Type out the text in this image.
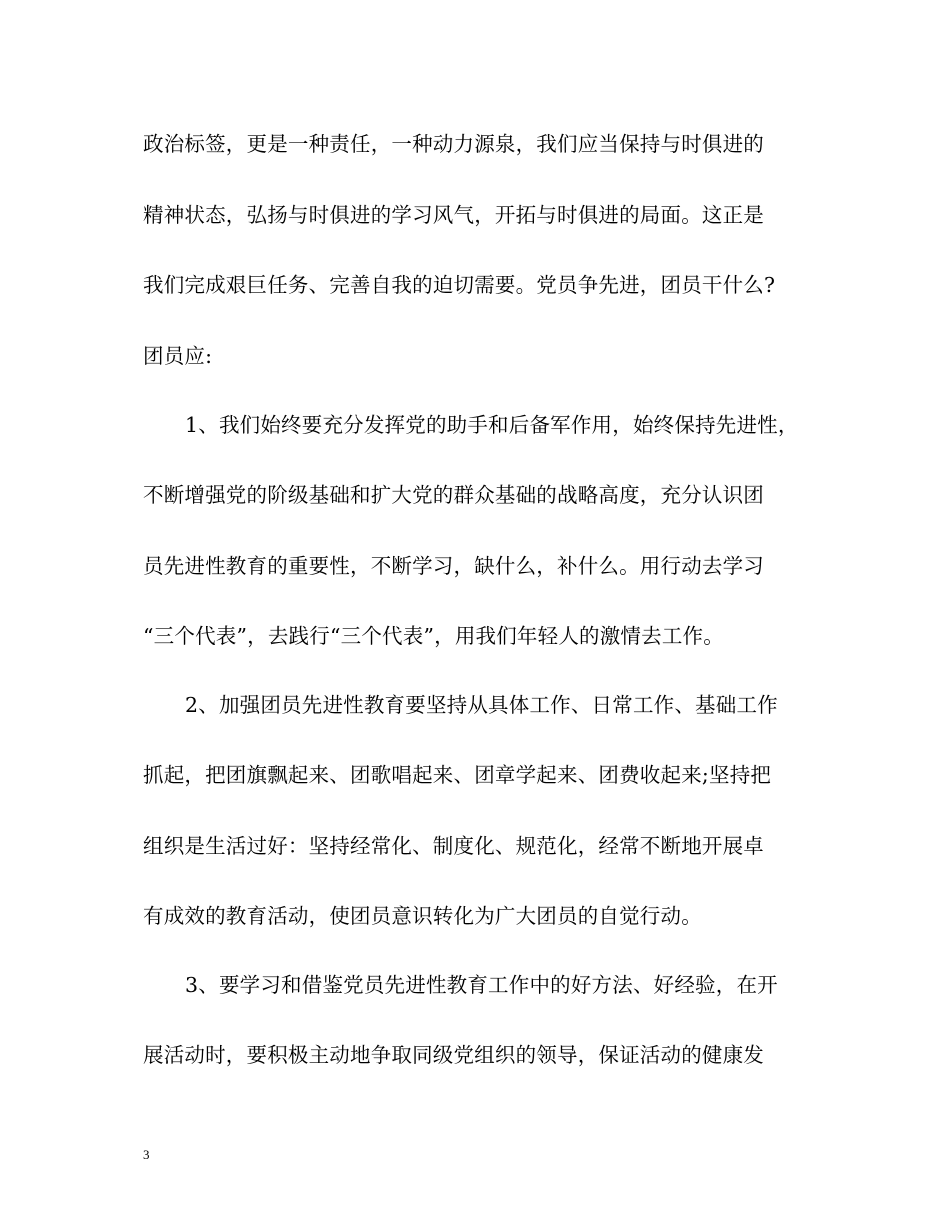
政治标签，更是一种责任，一种动力源泉，我们应当保持与时俱进的
精神状态，弘扬与时俱进的学习风气，开拓与时俱进的局面。这正是
我们完成艰巨任务、完善自我的迫切需要。党员争先进，团员干什么?
团员应:
1、我们始终要充分发挥党的助手和后备军作用，始终保持先进性，
不断增强党的阶级基础和扩大党的群众基础的战略高度，充分认识团
员先进性教育的重要性，不断学习，缺什么，补什么。用行动去学习
“三个代表”，去践行“三个代表”，用我们年轻人的激情去工作。
2、加强团员先进性教育要坚持从具体工作、日常工作、基础工作
抓起，把团旗飘起来、团歌唱起来、团章学起来、团费收起来;坚持把
组织是生活过好：坚持经常化、制度化、规范化，经常不断地开展卓
有成效的教育活动，使团员意识转化为广大团员的自觉行动。
3、要学习和借鉴党员先进性教育工作中的好方法、好经验，在开
展活动时，要积极主动地争取同级党组织的领导，保证活动的健康发
3
